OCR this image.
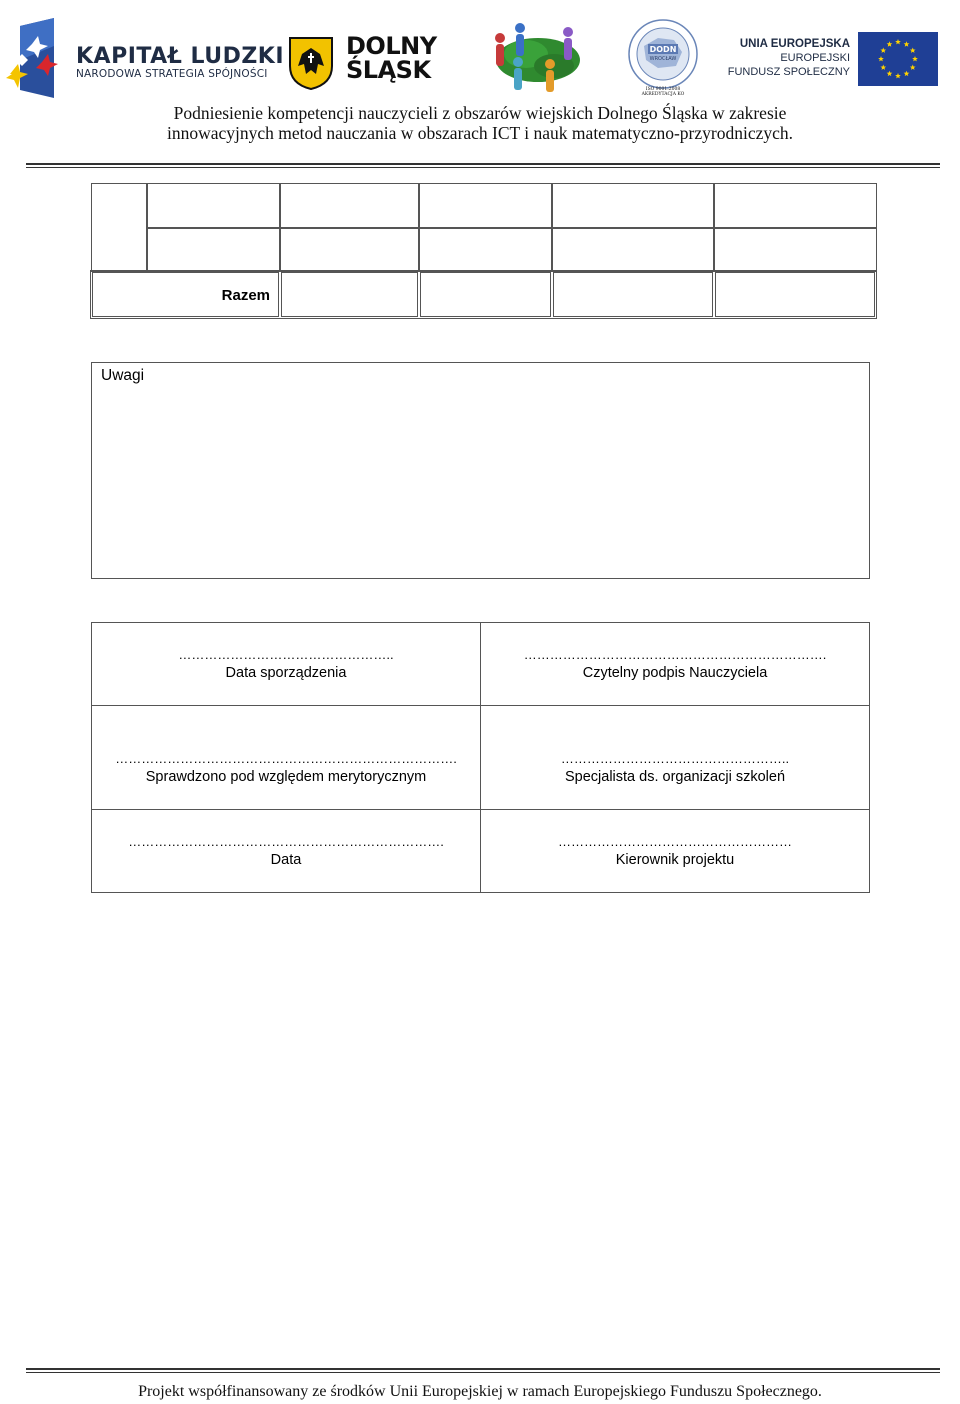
KAPITAŁ LUDZKI
NARODOWA STRATEGIA SPÓJNOŚCI
DOLNY
ŚLĄSK
DODN
WROCŁAW
ISO 9001:2008
AKREDYTACJA KO
UNIA EUROPEJSKA
EUROPEJSKI
FUNDUSZ SPOŁECZNY
Podniesienie kompetencji nauczycieli z obszarów wiejskich Dolnego Śląska w zakresie
innowacyjnych metod nauczania w obszarach ICT i nauk matematyczno-przyrodniczych.
Razem
Uwagi
…………………………………………..
Data sporządzenia
…………………………………………………………….
Czytelny podpis Nauczyciela
…………………………………………………………………….
Sprawdzono pod względem merytorycznym
……………………………………………..
Specjalista ds. organizacji szkoleń
……………………………………………………………….
Data
………………………………………………
Kierownik projektu
Projekt współfinansowany ze środków Unii Europejskiej w ramach Europejskiego Funduszu Społecznego.
